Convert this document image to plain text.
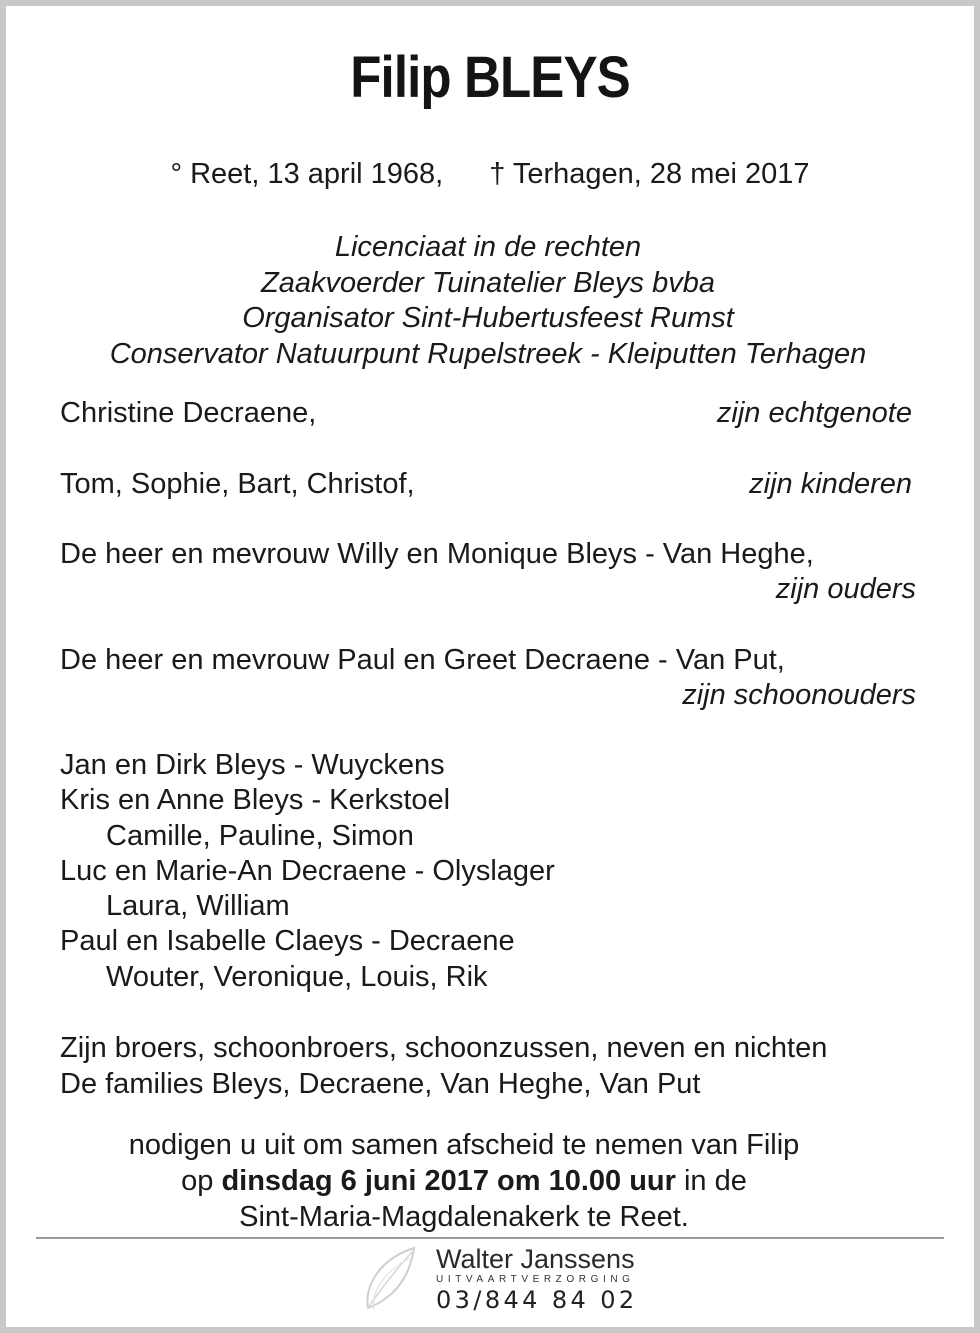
Filip BLEYS
° Reet, 13 april 1968, † Terhagen, 28 mei 2017
Licenciaat in de rechten
Zaakvoerder Tuinatelier Bleys bvba
Organisator Sint-Hubertusfeest Rumst
Conservator Natuurpunt Rupelstreek - Kleiputten Terhagen
Christine Decraene,	zijn echtgenote
Tom, Sophie, Bart, Christof,	zijn kinderen
De heer en mevrouw Willy en Monique Bleys - Van Heghe,
zijn ouders
De heer en mevrouw Paul en Greet Decraene - Van Put,
zijn schoonouders
Jan en Dirk Bleys - Wuyckens
Kris en Anne Bleys - Kerkstoel
Camille, Pauline, Simon
Luc en Marie-An Decraene - Olyslager
Laura, William
Paul en Isabelle Claeys - Decraene
Wouter, Veronique, Louis, Rik
Zijn broers, schoonbroers, schoonzussen, neven en nichten
De families Bleys, Decraene, Van Heghe, Van Put
nodigen u uit om samen afscheid te nemen van Filip
op dinsdag 6 juni 2017 om 10.00 uur in de
Sint-Maria-Magdalenakerk te Reet.
Walter Janssens
UITVAARTVERZORGING
03/844 84 02
